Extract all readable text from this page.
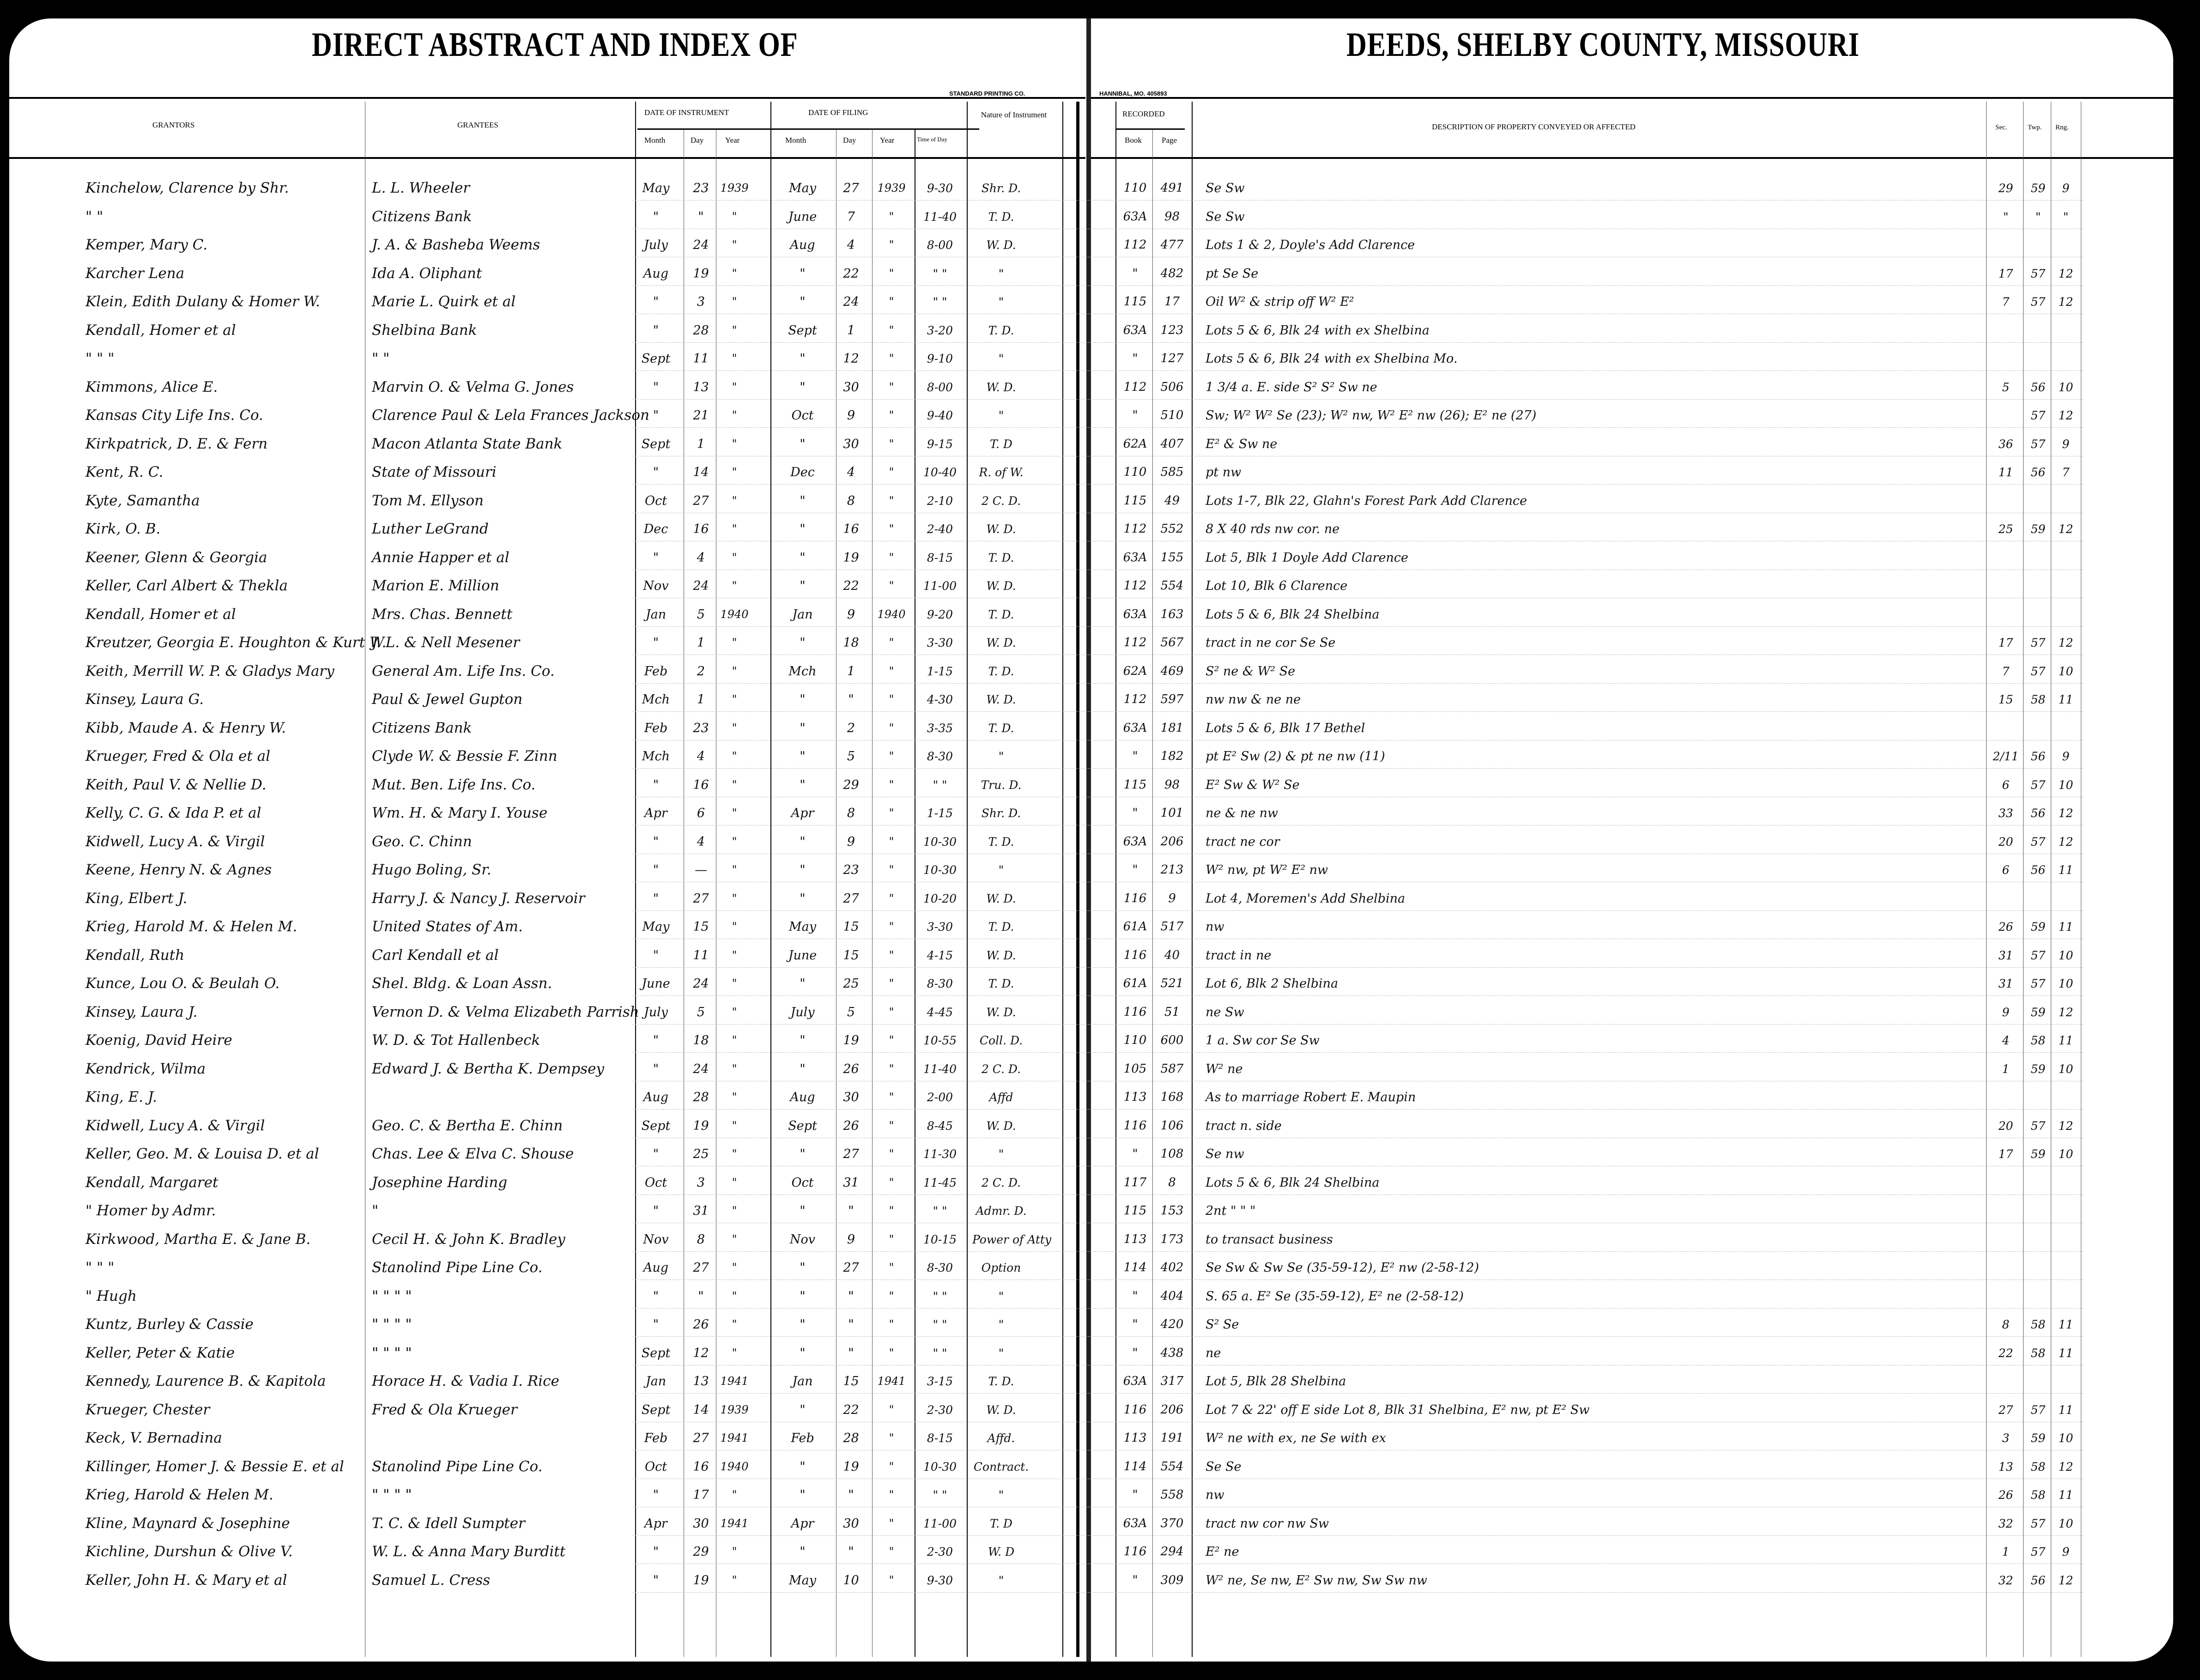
DIRECT ABSTRACT AND INDEX OF	DEEDS, SHELBY COUNTY, MISSOURI
STANDARD PRINTING CO.	HANNIBAL, MO. 405893
GRANTORS	GRANTEES
DATE OF INSTRUMENT
Month	Day	Year
DATE OF FILING
Month	Day	Year	Time of Day
Nature of Instrument	RECORDED
Book	Page
DESCRIPTION OF PROPERTY CONVEYED OR AFFECTED	Sec.	Twp. Rng.
Kinchelow, Clarence by Shr.	L. L. Wheeler	May	23	1939	May	27	1939	9-30	Shr. D.	110 491 Se Sw	29	59	9
" "	Citizens Bank	"	"	"	June	7	"	11-40	T. D.	63A	98	Se Sw	"	"	"
Kemper, Mary C.	J. A. & Basheba Weems	July	24	"	Aug	4	"	8-00	W. D.	112 477 Lots 1 & 2, Doyle's Add Clarence
Karcher Lena	Ida A. Oliphant	Aug	19	"	"	22	"	" "	"	"	482 pt Se Se	17	57	12
Klein, Edith Dulany & Homer W.	Marie L. Quirk et al	"	3	"	"	24	"	" "	"	115	17	Oil W² & strip off W² E²	7	57	12
Kendall, Homer et al	Shelbina Bank	"	28	"	Sept	1	"	3-20	T. D.	63A 123 Lots 5 & 6, Blk 24 with ex Shelbina
" " "	" "	Sept	11	"	"	12	"	9-10	"	"	127 Lots 5 & 6, Blk 24 with ex Shelbina Mo.
Kimmons, Alice E.	Marvin O. & Velma G. Jones	"	13	"	"	30	"	8-00	W. D.	112 506 1 3/4 a. E. side S² S² Sw ne	5	56	10
Kansas City Life Ins. Co.	Clarence Paul & Lela Frances Jackson "	21	"	Oct	9	"	9-40	"	"	510 Sw; W² W² Se (23); W² nw, W² E² nw (26); E² ne (27)	57	12
Kirkpatrick, D. E. & Fern	Macon Atlanta State Bank	Sept	1	"	"	30	"	9-15	T. D	62A 407 E² & Sw ne	36	57	9
Kent, R. C.	State of Missouri	"	14	"	Dec	4	"	10-40	R. of W.	110 585 pt nw	11	56	7
Kyte, Samantha	Tom M. Ellyson	Oct	27	"	"	8	"	2-10	2 C. D.	115	49	Lots 1-7, Blk 22, Glahn's Forest Park Add Clarence
Kirk, O. B.	Luther LeGrand	Dec	16	"	"	16	"	2-40	W. D.	112 552 8 X 40 rds nw cor. ne	25	59	12
Keener, Glenn & Georgia	Annie Happer et al	"	4	"	"	19	"	8-15	T. D.	63A 155 Lot 5, Blk 1 Doyle Add Clarence
Keller, Carl Albert & Thekla	Marion E. Million	Nov	24	"	"	22	"	11-00	W. D.	112 554 Lot 10, Blk 6 Clarence
Kendall, Homer et al	Mrs. Chas. Bennett	Jan	5	1940	Jan	9	1940	9-20	T. D.	63A 163 Lots 5 & 6, Blk 24 Shelbina
Kreutzer, Georgia E. Houghton & Kurt W.
J. L. & Nell Mesener	"	1	"	"	18	"	3-30	W. D.	112 567 tract in ne cor Se Se	17	57	12
Keith, Merrill W. P. & Gladys Mary	General Am. Life Ins. Co.	Feb	2	"	Mch	1	"	1-15	T. D.	62A 469 S² ne & W² Se	7	57	10
Kinsey, Laura G.	Paul & Jewel Gupton	Mch	1	"	"	"	"	4-30	W. D.	112 597 nw nw & ne ne	15	58	11
Kibb, Maude A. & Henry W.	Citizens Bank	Feb	23	"	"	2	"	3-35	T. D.	63A 181 Lots 5 & 6, Blk 17 Bethel
Krueger, Fred & Ola et al	Clyde W. & Bessie F. Zinn	Mch	4	"	"	5	"	8-30	"	"	182 pt E² Sw (2) & pt ne nw (11)	2/11	56	9
Keith, Paul V. & Nellie D.	Mut. Ben. Life Ins. Co.	"	16	"	"	29	"	" "	Tru. D.	115	98	E² Sw & W² Se	6	57	10
Kelly, C. G. & Ida P. et al	Wm. H. & Mary I. Youse	Apr	6	"	Apr	8	"	1-15	Shr. D.	"	101 ne & ne nw	33	56	12
Kidwell, Lucy A. & Virgil	Geo. C. Chinn	"	4	"	"	9	"	10-30	T. D.	63A 206 tract ne cor	20	57	12
Keene, Henry N. & Agnes	Hugo Boling, Sr.	"	—	"	"	23	"	10-30	"	"	213 W² nw, pt W² E² nw	6	56	11
King, Elbert J.	Harry J. & Nancy J. Reservoir	"	27	"	"	27	"	10-20	W. D.	116	9	Lot 4, Moremen's Add Shelbina
Krieg, Harold M. & Helen M.	United States of Am.	May	15	"	May	15	"	3-30	T. D.	61A 517 nw	26	59	11
Kendall, Ruth	Carl Kendall et al	"	11	"	June	15	"	4-15	W. D.	116	40	tract in ne	31	57	10
Kunce, Lou O. & Beulah O.	Shel. Bldg. & Loan Assn.	June	24	"	"	25	"	8-30	T. D.	61A 521 Lot 6, Blk 2 Shelbina	31	57	10
Kinsey, Laura J.	Vernon D. & Velma Elizabeth Parrish July	5	"	July	5	"	4-45	W. D.	116	51	ne Sw	9	59	12
Koenig, David Heire	W. D. & Tot Hallenbeck	"	18	"	"	19	"	10-55	Coll. D.	110 600 1 a. Sw cor Se Sw	4	58	11
Kendrick, Wilma	Edward J. & Bertha K. Dempsey	"	24	"	"	26	"	11-40	2 C. D.	105 587 W² ne	1	59	10
King, E. J.	Aug	28	"	Aug	30	"	2-00	Affd	113 168 As to marriage Robert E. Maupin
Kidwell, Lucy A. & Virgil	Geo. C. & Bertha E. Chinn	Sept	19	"	Sept	26	"	8-45	W. D.	116 106 tract n. side	20	57	12
Keller, Geo. M. & Louisa D. et al	Chas. Lee & Elva C. Shouse	"	25	"	"	27	"	11-30	"	"	108 Se nw	17	59	10
Kendall, Margaret	Josephine Harding	Oct	3	"	Oct	31	"	11-45	2 C. D.	117	8	Lots 5 & 6, Blk 24 Shelbina
" Homer by Admr.	"	"	31	"	"	"	"	" "	Admr. D.	115 153 2nt " " "
Kirkwood, Martha E. & Jane B.	Cecil H. & John K. Bradley	Nov	8	"	Nov	9	"	10-15	Power of Atty	113 173 to transact business
" " "	Stanolind Pipe Line Co.	Aug	27	"	"	27	"	8-30	Option	114 402 Se Sw & Sw Se (35-59-12), E² nw (2-58-12)
" Hugh	" " " "	"	"	"	"	"	"	" "	"	"	404 S. 65 a. E² Se (35-59-12), E² ne (2-58-12)
Kuntz, Burley & Cassie	" " " "	"	26	"	"	"	"	" "	"	"	420 S² Se	8	58	11
Keller, Peter & Katie	" " " "	Sept	12	"	"	"	"	" "	"	"	438 ne	22	58	11
Kennedy, Laurence B. & Kapitola	Horace H. & Vadia I. Rice	Jan	13	1941	Jan	15	1941	3-15	T. D.	63A 317 Lot 5, Blk 28 Shelbina
Krueger, Chester	Fred & Ola Krueger	Sept	14	1939	"	22	"	2-30	W. D.	116 206 Lot 7 & 22' off E side Lot 8, Blk 31 Shelbina, E² nw, pt E² Sw	27	57	11
Keck, V. Bernadina	Feb	27	1941	Feb	28	"	8-15	Affd.	113 191 W² ne with ex, ne Se with ex	3	59	10
Killinger, Homer J. & Bessie E. et al	Stanolind Pipe Line Co.	Oct	16	1940	"	19	"	10-30	Contract.	114 554 Se Se	13	58	12
Krieg, Harold & Helen M.	" " " "	"	17	"	"	"	"	" "	"	"	558 nw	26	58	11
Kline, Maynard & Josephine	T. C. & Idell Sumpter	Apr	30	1941	Apr	30	"	11-00	T. D	63A 370 tract nw cor nw Sw	32	57	10
Kichline, Durshun & Olive V.	W. L. & Anna Mary Burditt	"	29	"	"	"	"	2-30	W. D	116 294 E² ne	1	57	9
Keller, John H. & Mary et al	Samuel L. Cress	"	19	"	May	10	"	9-30	"	"	309 W² ne, Se nw, E² Sw nw, Sw Sw nw	32	56	12
